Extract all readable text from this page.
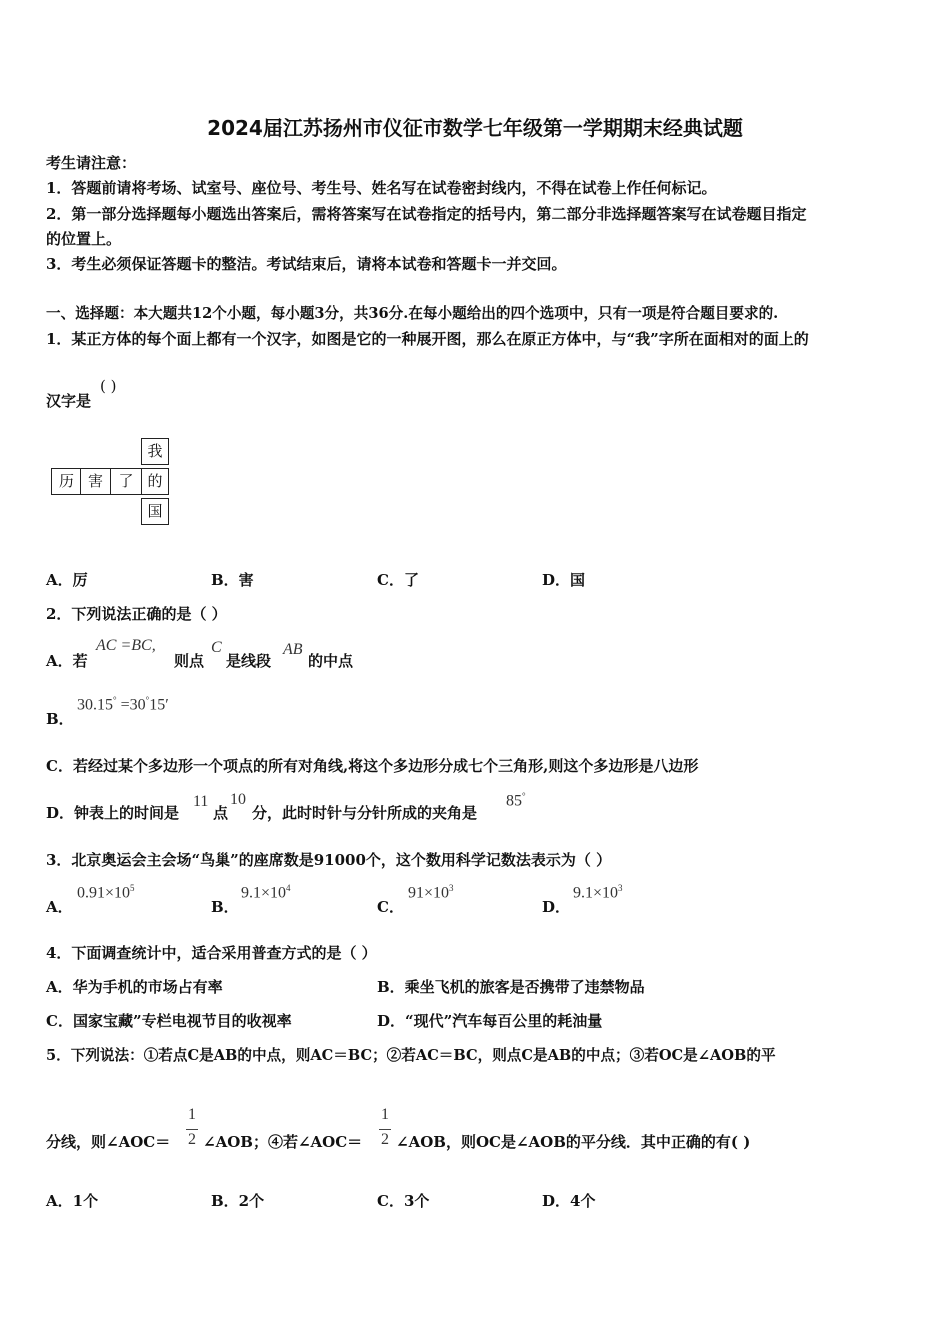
2024届江苏扬州市仪征市数学七年级第一学期期末经典试题
考生请注意：
1．答题前请将考场、试室号、座位号、考生号、姓名写在试卷密封线内，不得在试卷上作任何标记。
2．第一部分选择题每小题选出答案后，需将答案写在试卷指定的括号内，第二部分非选择题答案写在试卷题目指定
的位置上。
3．考生必须保证答题卡的整洁。考试结束后，请将本试卷和答题卡一并交回。
一、选择题：本大题共12个小题，每小题3分，共36分.在每小题给出的四个选项中，只有一项是符合题目要求的.
1．某正方体的每个面上都有一个汉字，如图是它的一种展开图，那么在原正方体中，与“我”字所在面相对的面上的
汉字是
( )
我
历 害	了 的
国
A．厉	B．害	C．了	D．国
2．下列说法正确的是（ ）
A．若
AC =BC,
则点
C
是线段
AB
的中点
B．
30.15° =30°15′
C．若经过某个多边形一个项点的所有对角线,将这个多边形分成七个三角形,则这个多边形是八边形
D．钟表上的时间是
11
点
10
分，此时时针与分针所成的夹角是
85°
3．北京奥运会主会场“鸟巢”的座席数是91000个，这个数用科学记数法表示为（ ）
A．
$0.91\times 10^5$
B．
$9.1\times 10^4$
C．
$91\times 10^3$
D．
$9.1\times 10^3$
4．下面调查统计中，适合采用普查方式的是（ ）
A．华为手机的市场占有率	B．乘坐飞机的旅客是否携带了违禁物品
C．国家宝藏”专栏电视节目的收视率	D．“现代”汽车每百公里的耗油量
5．下列说法：①若点C是AB的中点，则AC＝BC；②若AC＝BC，则点C是AB的中点；③若OC是∠AOB的平
分线，则∠AOC＝
1
2 ∠AOB；④若∠AOC＝
1
2 ∠AOB，则OC是∠AOB的平分线．其中正确的有( )
A．1个	B．2个	C．3个	D．4个
